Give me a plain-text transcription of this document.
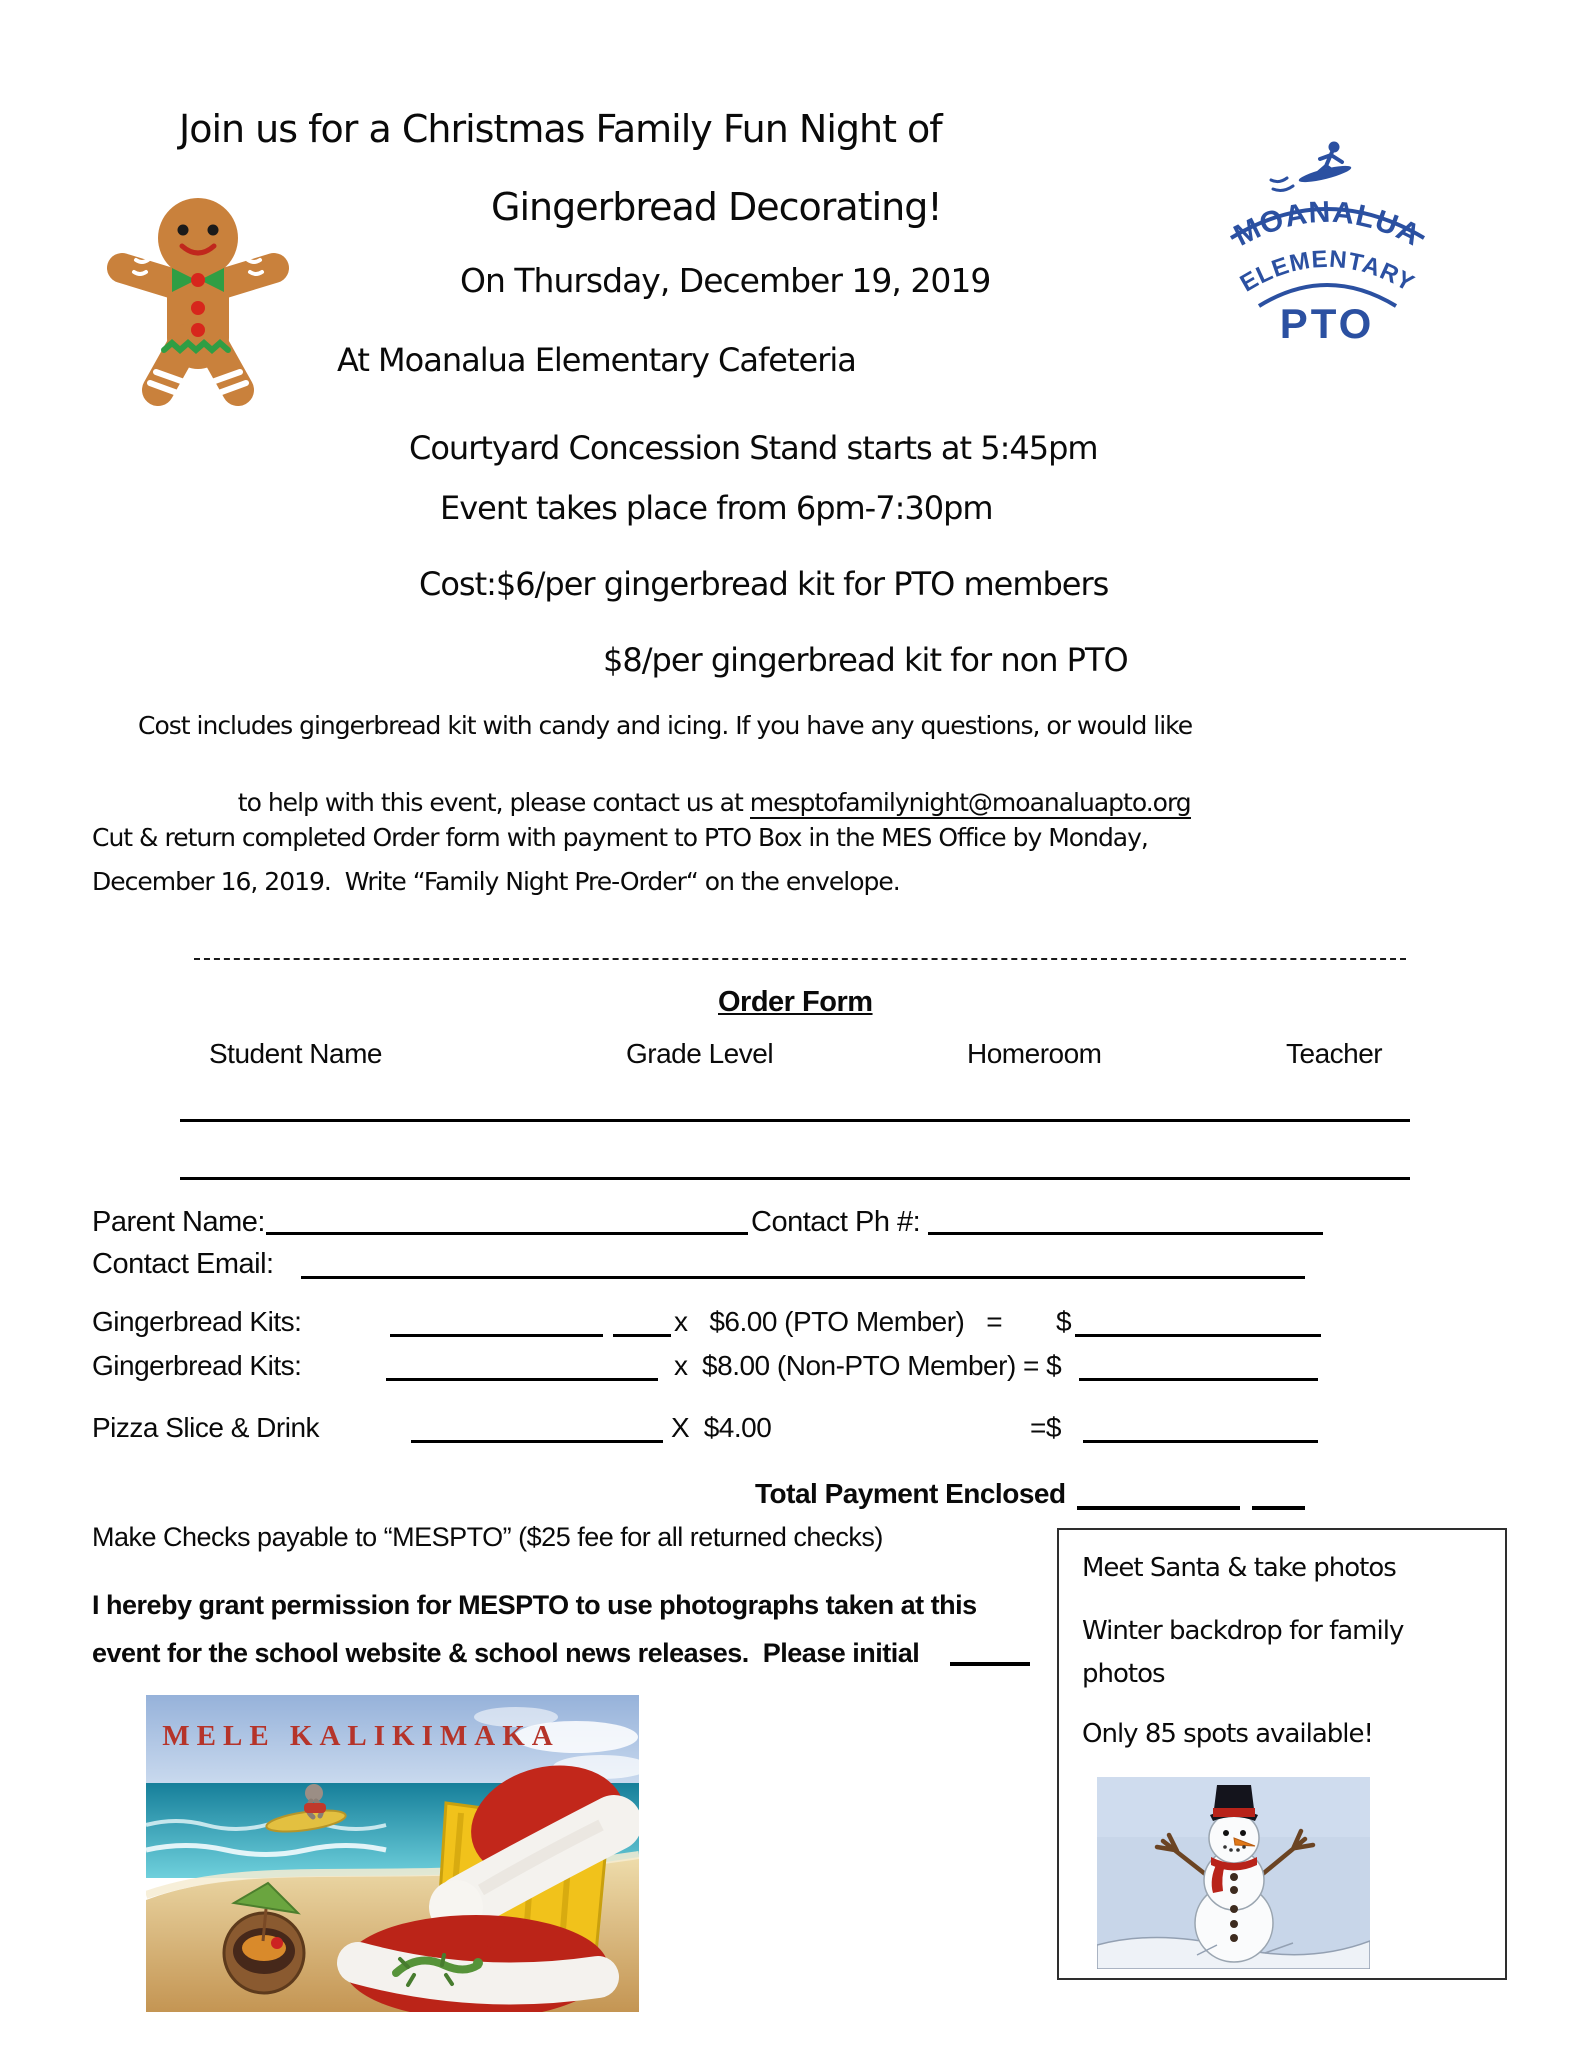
Join us for a Christmas Family Fun Night of
Gingerbread Decorating!
On Thursday, December 19, 2019
At Moanalua Elementary Cafeteria
Courtyard Concession Stand starts at 5:45pm
Event takes place from 6pm-7:30pm
Cost:$6/per gingerbread kit for PTO members
$8/per gingerbread kit for non PTO
Cost includes gingerbread kit with candy and icing. If you have any questions, or would like

to help with this event, please contact us at mesptofamilynight@moanaluapto.org

Cut & return completed Order form with payment to PTO Box in the MES Office by Monday,
December 16, 2019.  Write “Family Night Pre-Order“ on the envelope.
MOANALUA
ELEMENTARY
PTO
Order Form
Student Name	Grade Level	Homeroom	Teacher
Parent Name:	Contact Ph #:
Contact Email:
Gingerbread Kits:	x   $6.00 (PTO Member)   = $
Gingerbread Kits:	x  $8.00 (Non-PTO Member) = $
Pizza Slice & Drink	X  $4.00	=$
Total Payment Enclosed
Make Checks payable to “MESPTO” ($25 fee for all returned checks)
I hereby grant permission for MESPTO to use photographs taken at this
event for the school website & school news releases.  Please initial
Meet Santa & take photos
Winter backdrop for family
photos
Only 85 spots available!
MELE KALIKIMAKA
